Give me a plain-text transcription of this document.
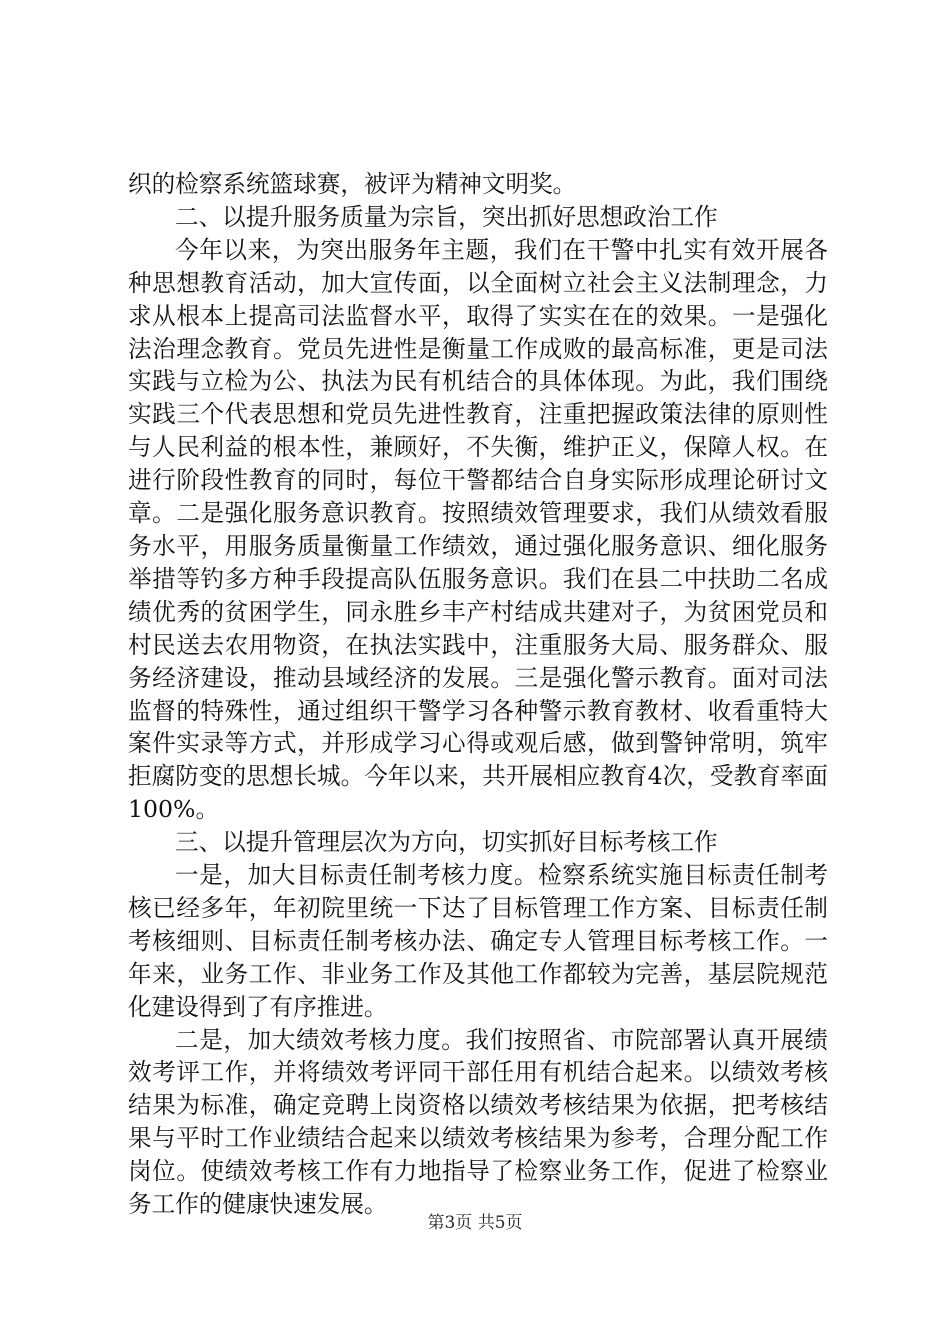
织的检察系统篮球赛，被评为精神文明奖。

二、以提升服务质量为宗旨，突出抓好思想政治工作

今年以来，为突出服务年主题，我们在干警中扎实有效开展各种思想教育活动，加大宣传面，以全面树立社会主义法制理念，力求从根本上提高司法监督水平，取得了实实在在的效果。一是强化法治理念教育。党员先进性是衡量工作成败的最高标准，更是司法实践与立检为公、执法为民有机结合的具体体现。为此，我们围绕实践三个代表思想和党员先进性教育，注重把握政策法律的原则性与人民利益的根本性，兼顾好，不失衡，维护正义，保障人权。在进行阶段性教育的同时，每位干警都结合自身实际形成理论研讨文章。二是强化服务意识教育。按照绩效管理要求，我们从绩效看服务水平，用服务质量衡量工作绩效，通过强化服务意识、细化服务举措等钓多方种手段提高队伍服务意识。我们在县二中扶助二名成绩优秀的贫困学生，同永胜乡丰产村结成共建对子，为贫困党员和村民送去农用物资，在执法实践中，注重服务大局、服务群众、服务经济建设，推动县域经济的发展。三是强化警示教育。面对司法监督的特殊性，通过组织干警学习各种警示教育教材、收看重特大案件实录等方式，并形成学习心得或观后感，做到警钟常明，筑牢拒腐防变的思想长城。今年以来，共开展相应教育4次，受教育率面100%。

三、以提升管理层次为方向，切实抓好目标考核工作

一是，加大目标责任制考核力度。检察系统实施目标责任制考核已经多年，年初院里统一下达了目标管理工作方案、目标责任制考核细则、目标责任制考核办法、确定专人管理目标考核工作。一年来，业务工作、非业务工作及其他工作都较为完善，基层院规范化建设得到了有序推进。

二是，加大绩效考核力度。我们按照省、市院部署认真开展绩效考评工作，并将绩效考评同干部任用有机结合起来。以绩效考核结果为标准，确定竞聘上岗资格以绩效考核结果为依据，把考核结果与平时工作业绩结合起来以绩效考核结果为参考，合理分配工作岗位。使绩效考核工作有力地指导了检察业务工作，促进了检察业务工作的健康快速发展。

第3页 共5页
